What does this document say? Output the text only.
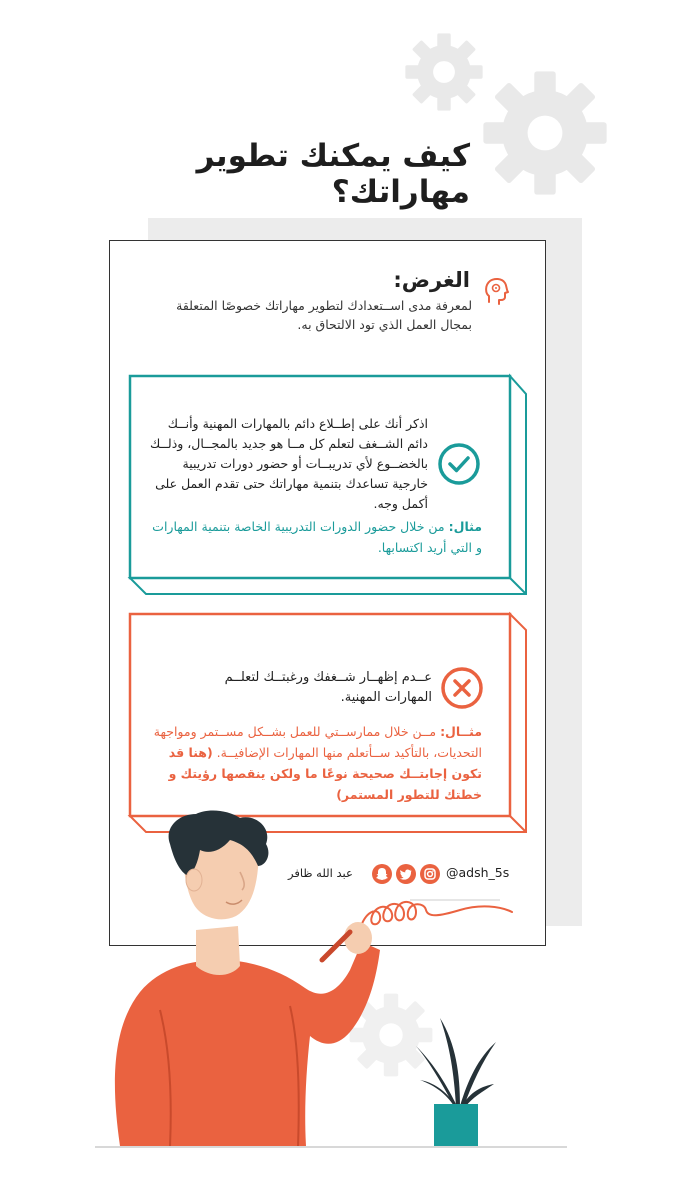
كيف يمكنك تطوير مهاراتك؟
الغرض:
لمعرفة مدى اســتعدادك لتطوير مهاراتك خصوصًا المتعلقة بمجال العمل الذي تود الالتحاق به.
اذكر أنك على إطــلاع دائم بالمهارات المهنية وأنــك دائم الشــغف لتعلم كل مــا هو جديد بالمجــال، وذلــك بالخضــوع لأي تدريبــات أو حضور دورات تدريبية خارجية تساعدك بتنمية مهاراتك حتى تقدم العمل على أكمل وجه.
مثال: من خلال حضور الدورات التدريبية الخاصة بتنمية المهارات و التي أريد اكتسابها.
عــدم إظهــار شــغفك ورغبتــك لتعلــم المهارات المهنية.
مثــال: مــن خلال ممارســتي للعمل بشــكل مســتمر ومواجهة التحديات، بالتأكيد ســأتعلم منها المهارات الإضافيــة. (هنا قد تكون إجابتــك صحيحة نوعًا ما ولكن ينقصها رؤيتك و خطتك للتطور المستمر)
عبد الله ظافر	@adsh_5s
